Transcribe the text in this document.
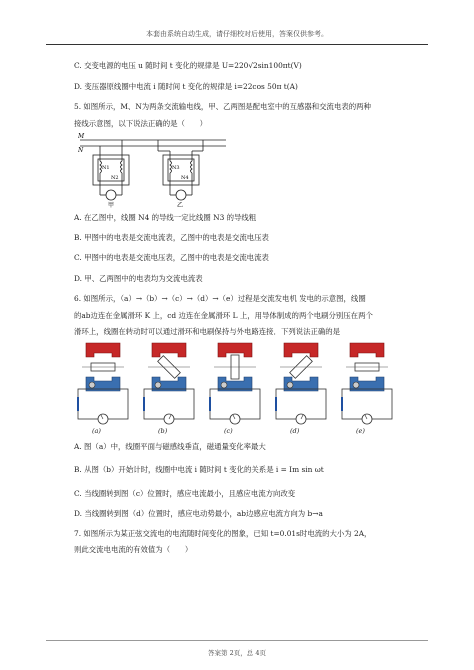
本套由系统自动生成，请仔细校对后使用，答案仅供参考。
C. 交变电源的电压 u 随时间 t 变化的规律是 U=220√2sin100πt(V)
D. 变压器原线圈中电流 i 随时间 t 变化的规律是 i=22cos 50π t(A)
5. 如图所示，M、N为两条交流输电线，甲、乙两图是配电室中的互感器和交流电表的两种
接线示意图，以下说法正确的是（　　）
M
N
N1
N2
N3
N4
甲	乙
A. 在乙图中，线圈 N4 的导线一定比线圈 N3 的导线粗
B. 甲图中的电表是交流电流表，乙图中的电表是交流电压表
C. 甲图中的电表是交流电压表，乙图中的电表是交流电流表
D. 甲、乙两图中的电表均为交流电流表
6. 如图所示，（a）→（b）→（c）→（d）→（e）过程是交流发电机 发电的示意图，线圈
的ab边连在金属滑环 K 上，cd 边连在金属滑环 L 上，用导体制成的两个电刷分别压在两个
滑环上，线圈在转动时可以通过滑环和电刷保持与外电路连接．下列说法正确的是
(a)	(b)	(c)	(d)	(e)
A. 图（a）中，线圈平面与磁感线垂直，磁通量变化率最大
B. 从图（b）开始计时，线圈中电流 i 随时间 t 变化的关系是 i = Im sin ωt
C. 当线圈转到图（c）位置时，感应电流最小，且感应电流方向改变
D. 当线圈转到图（d）位置时，感应电动势最小，ab边感应电流方向为 b→a
7. 如图所示为某正弦交流电的电流随时间变化的图象，已知 t=0.01s时电流的大小为 2A，
则此交流电电流的有效值为（　　）
答案第 2页，总 4页
